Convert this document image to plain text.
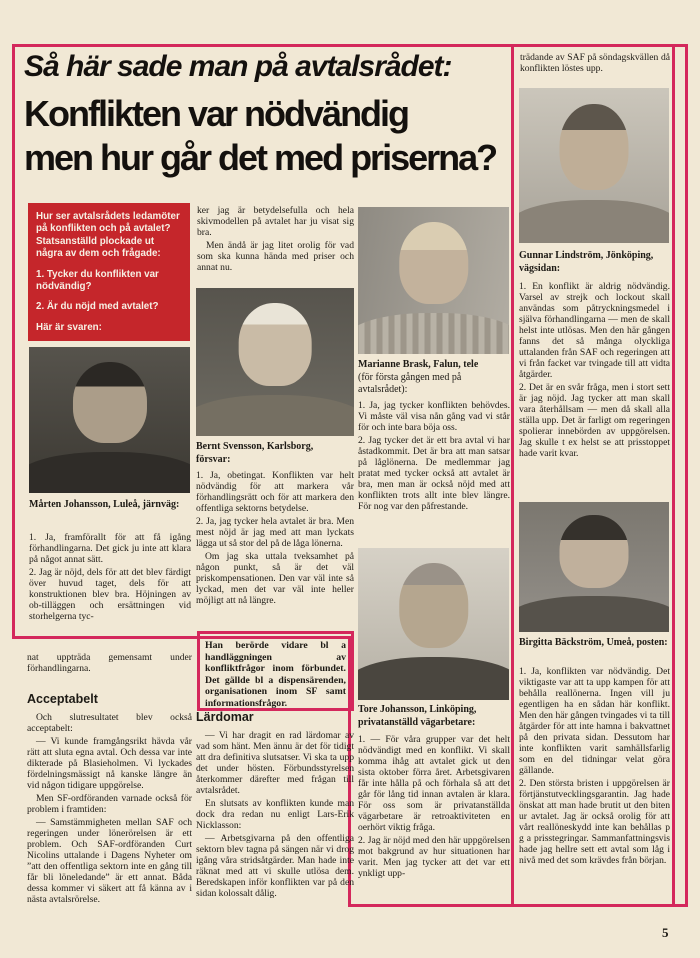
Så här sade man på avtalsrådet:
Konflikten var nödvändig
men hur går det med priserna?

Hur ser avtalsrådets ledamöter på konflikten och på avtalet? Statsanställd plockade ut några av dem och frågade:

1. Tycker du konflikten var nödvändig?

2. Är du nöjd med avtalet?

Här är svaren:

Mårten Johansson, Luleå, järnväg:

1. Ja, framförallt för att få igång förhandlingarna. Det gick ju inte att klara på något annat sätt.

2. Jag är nöjd, dels för att det blev färdigt över huvud taget, dels för att konstruktionen blev bra. Höjningen av ob-tilläggen och ersättningen vid storhelgerna tyc-

nat uppträda gemensamt under förhandlingarna.

Acceptabelt

Och slutresultatet blev också acceptabelt:

— Vi kunde framgångsrikt hävda vår rätt att sluta egna avtal. Och dessa var inte dikterade på Blasieholmen. Vi lyckades fördelningsmässigt nå kanske längre än vid någon tidigare uppgörelse.

Men SF-ordföranden varnade också för problem i framtiden:

— Samstämmigheten mellan SAF och regeringen under lönerörelsen är ett problem. Och SAF-ordföranden Curt Nicolins uttalande i Dagens Nyheter om ”att den offentliga sektorn inte en gång till får bli löneledande” är ett annat. Båda dessa kommer vi säkert att få känna av i nästa avtalsrörelse.

ker jag är betydelsefulla och hela skivmodellen på avtalet har ju visat sig bra.

Men ändå är jag litet orolig för vad som ska kunna hända med priser och annat nu.

Bernt Svensson, Karlsborg, försvar:

1. Ja, obetingat. Konflikten var helt nödvändig för att markera vår förhandlingsrätt och för att markera den offentliga sektorns betydelse.

2. Ja, jag tycker hela avtalet är bra. Men mest nöjd är jag med att man lyckats lägga ut så stor del på de låga lönerna.

Om jag ska uttala tveksamhet på någon punkt, så är det väl priskompensationen. Den var väl inte så lyckad, men det var väl inte heller möjligt att nå längre.

Han berörde vidare bl a handläggningen av konfliktfrågor inom förbundet. Det gällde bl a dispensärenden, organisationen inom SF samt informationsfrågor.
Lärdomar

— Vi har dragit en rad lärdomar av vad som hänt. Men ännu är det för tidigt att dra definitiva slutsatser. Vi ska ta upp det under hösten. Förbundsstyrelsen återkommer därefter med frågan till avtalsrådet.

En slutsats av konflikten kunde man dock dra redan nu enligt Lars-Erik Nicklasson:

— Arbetsgivarna på den offentliga sektorn blev tagna på sängen när vi drog igång våra stridsåtgärder. Man hade inte räknat med att vi skulle utlösa dem. Beredskapen inför konflikten var på den sidan kolossalt dålig.

Marianne Brask, Falun, tele
(för första gången med på avtalsrådet):

1. Ja, jag tycker konflikten behövdes. Vi måste väl visa nån gång vad vi står för och inte bara böja oss.

2. Jag tycker det är ett bra avtal vi har åstadkommit. Det är bra att man satsar på låglönerna. De medlemmar jag pratat med tycker också att avtalet är bra, men man är också nöjd med att konflikten trots allt inte blev längre. För nog var den påfrestande.

Tore Johansson, Linköping, privatanställd vägarbetare:

1. — För våra grupper var det helt nödvändigt med en konflikt. Vi skall komma ihåg att avtalet gick ut den sista oktober förra året. Arbetsgivaren får inte hålla på och förhala så att det går för lång tid innan avtalen är klara. För oss som är privatanställda vägarbetare är retroaktiviteten en oerhört viktig fråga.

2. Jag är nöjd med den här uppgörelsen mot bakgrund av hur situationen har varit. Men jag tycker att det var ett ynkligt upp-

trädande av SAF på söndagskvällen då konflikten löstes upp.

Gunnar Lindström, Jönköping, vägsidan:

1. En konflikt är aldrig nödvändig. Varsel av strejk och lockout skall användas som påtryckningsmedel i själva förhandlingarna — men de skall helst inte utlösas. Men den här gången fanns det så många olyckliga uttalanden från SAF och regeringen att vi från facket var tvingade till att vidta åtgärder.

2. Det är en svår fråga, men i stort sett är jag nöjd. Jag tycker att man skall vara återhållsam — men då skall alla ställa upp. Det är farligt om regeringen spolierar innebörden av uppgörelsen. Jag skulle t ex helst se att prisstoppet hade varit kvar.

Birgitta Bäckström, Umeå, posten:

1. Ja, konflikten var nödvändig. Det viktigaste var att ta upp kampen för att behålla reallönerna. Ingen vill ju egentligen ha en sådan här konflikt. Men den här gången tvingades vi ta till åtgärder för att inte hamna i bakvattnet på den privata sidan. Dessutom har inte konflikten varit samhällsfarlig som en del tidningar velat göra gällande.

2. Den största bristen i uppgörelsen är förtjänstutvecklingsgarantin. Jag hade önskat att man hade brutit ut den biten ur avtalet. Jag är också orolig för att vårt reallöneskydd inte kan behållas p g a prisstegringar. Sammanfattningsvis hade jag hellre sett ett avtal som låg i nivå med det som krävdes från början.

5
